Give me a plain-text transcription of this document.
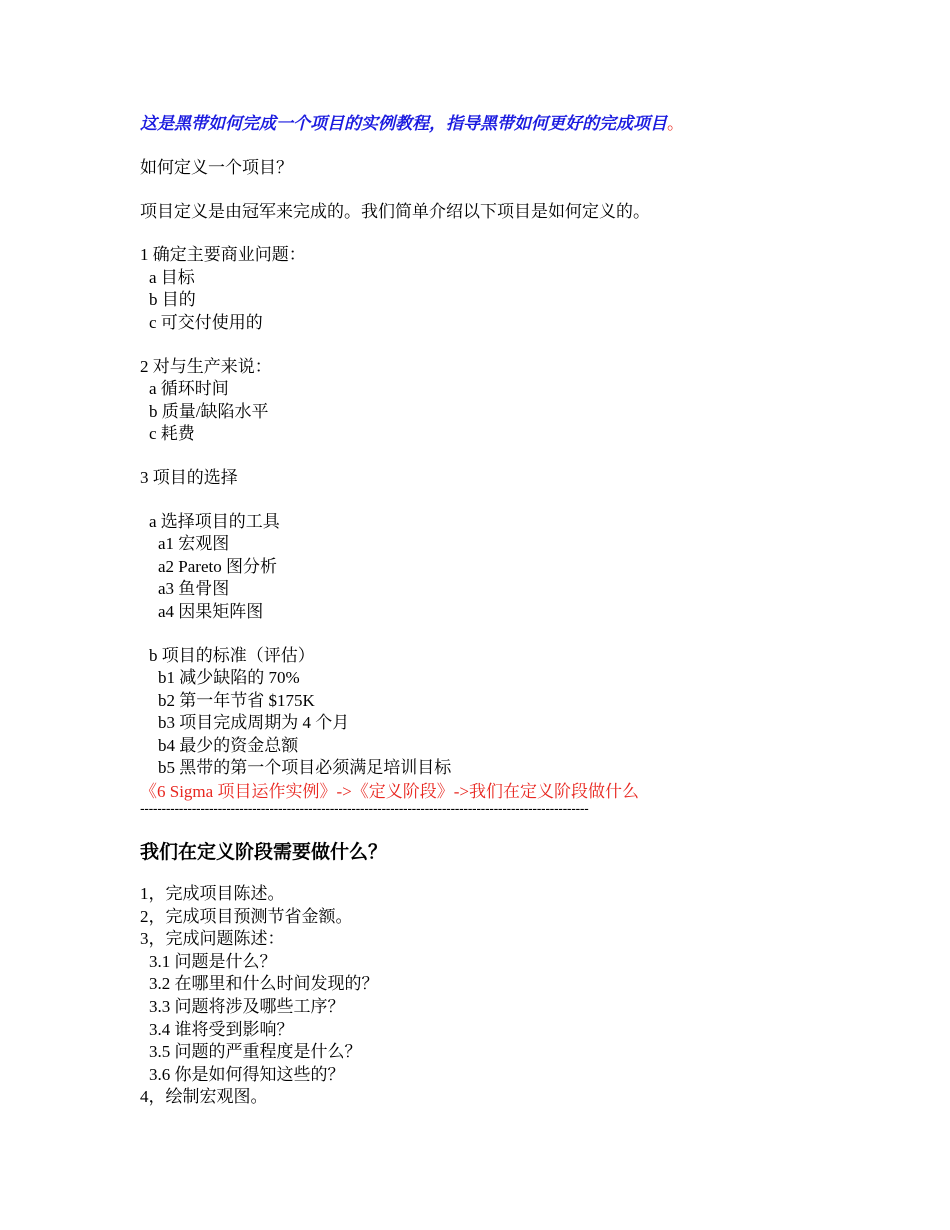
这是黑带如何完成一个项目的实例教程，指导黑带如何更好的完成项目。
如何定义一个项目？
项目定义是由冠军来完成的。我们简单介绍以下项目是如何定义的。
1 确定主要商业问题：
a 目标
b 目的
c 可交付使用的
2 对与生产来说：
a 循环时间
b 质量/缺陷水平
c 耗费
3 项目的选择
a 选择项目的工具
a1 宏观图
a2 Pareto 图分析
a3 鱼骨图
a4 因果矩阵图
b 项目的标准（评估）
b1 减少缺陷的 70%
b2 第一年节省 $175K
b3 项目完成周期为 4 个月
b4 最少的资金总额
b5 黑带的第一个项目必须满足培训目标
《6 Sigma 项目运作实例》->《定义阶段》->我们在定义阶段做什么
--------------------------------------------------------------------------------------------------------
我们在定义阶段需要做什么？
1，完成项目陈述。
2，完成项目预测节省金额。
3，完成问题陈述：
3.1 问题是什么？
3.2 在哪里和什么时间发现的？
3.3 问题将涉及哪些工序？
3.4 谁将受到影响？
3.5 问题的严重程度是什么？
3.6 你是如何得知这些的？
4，绘制宏观图。
